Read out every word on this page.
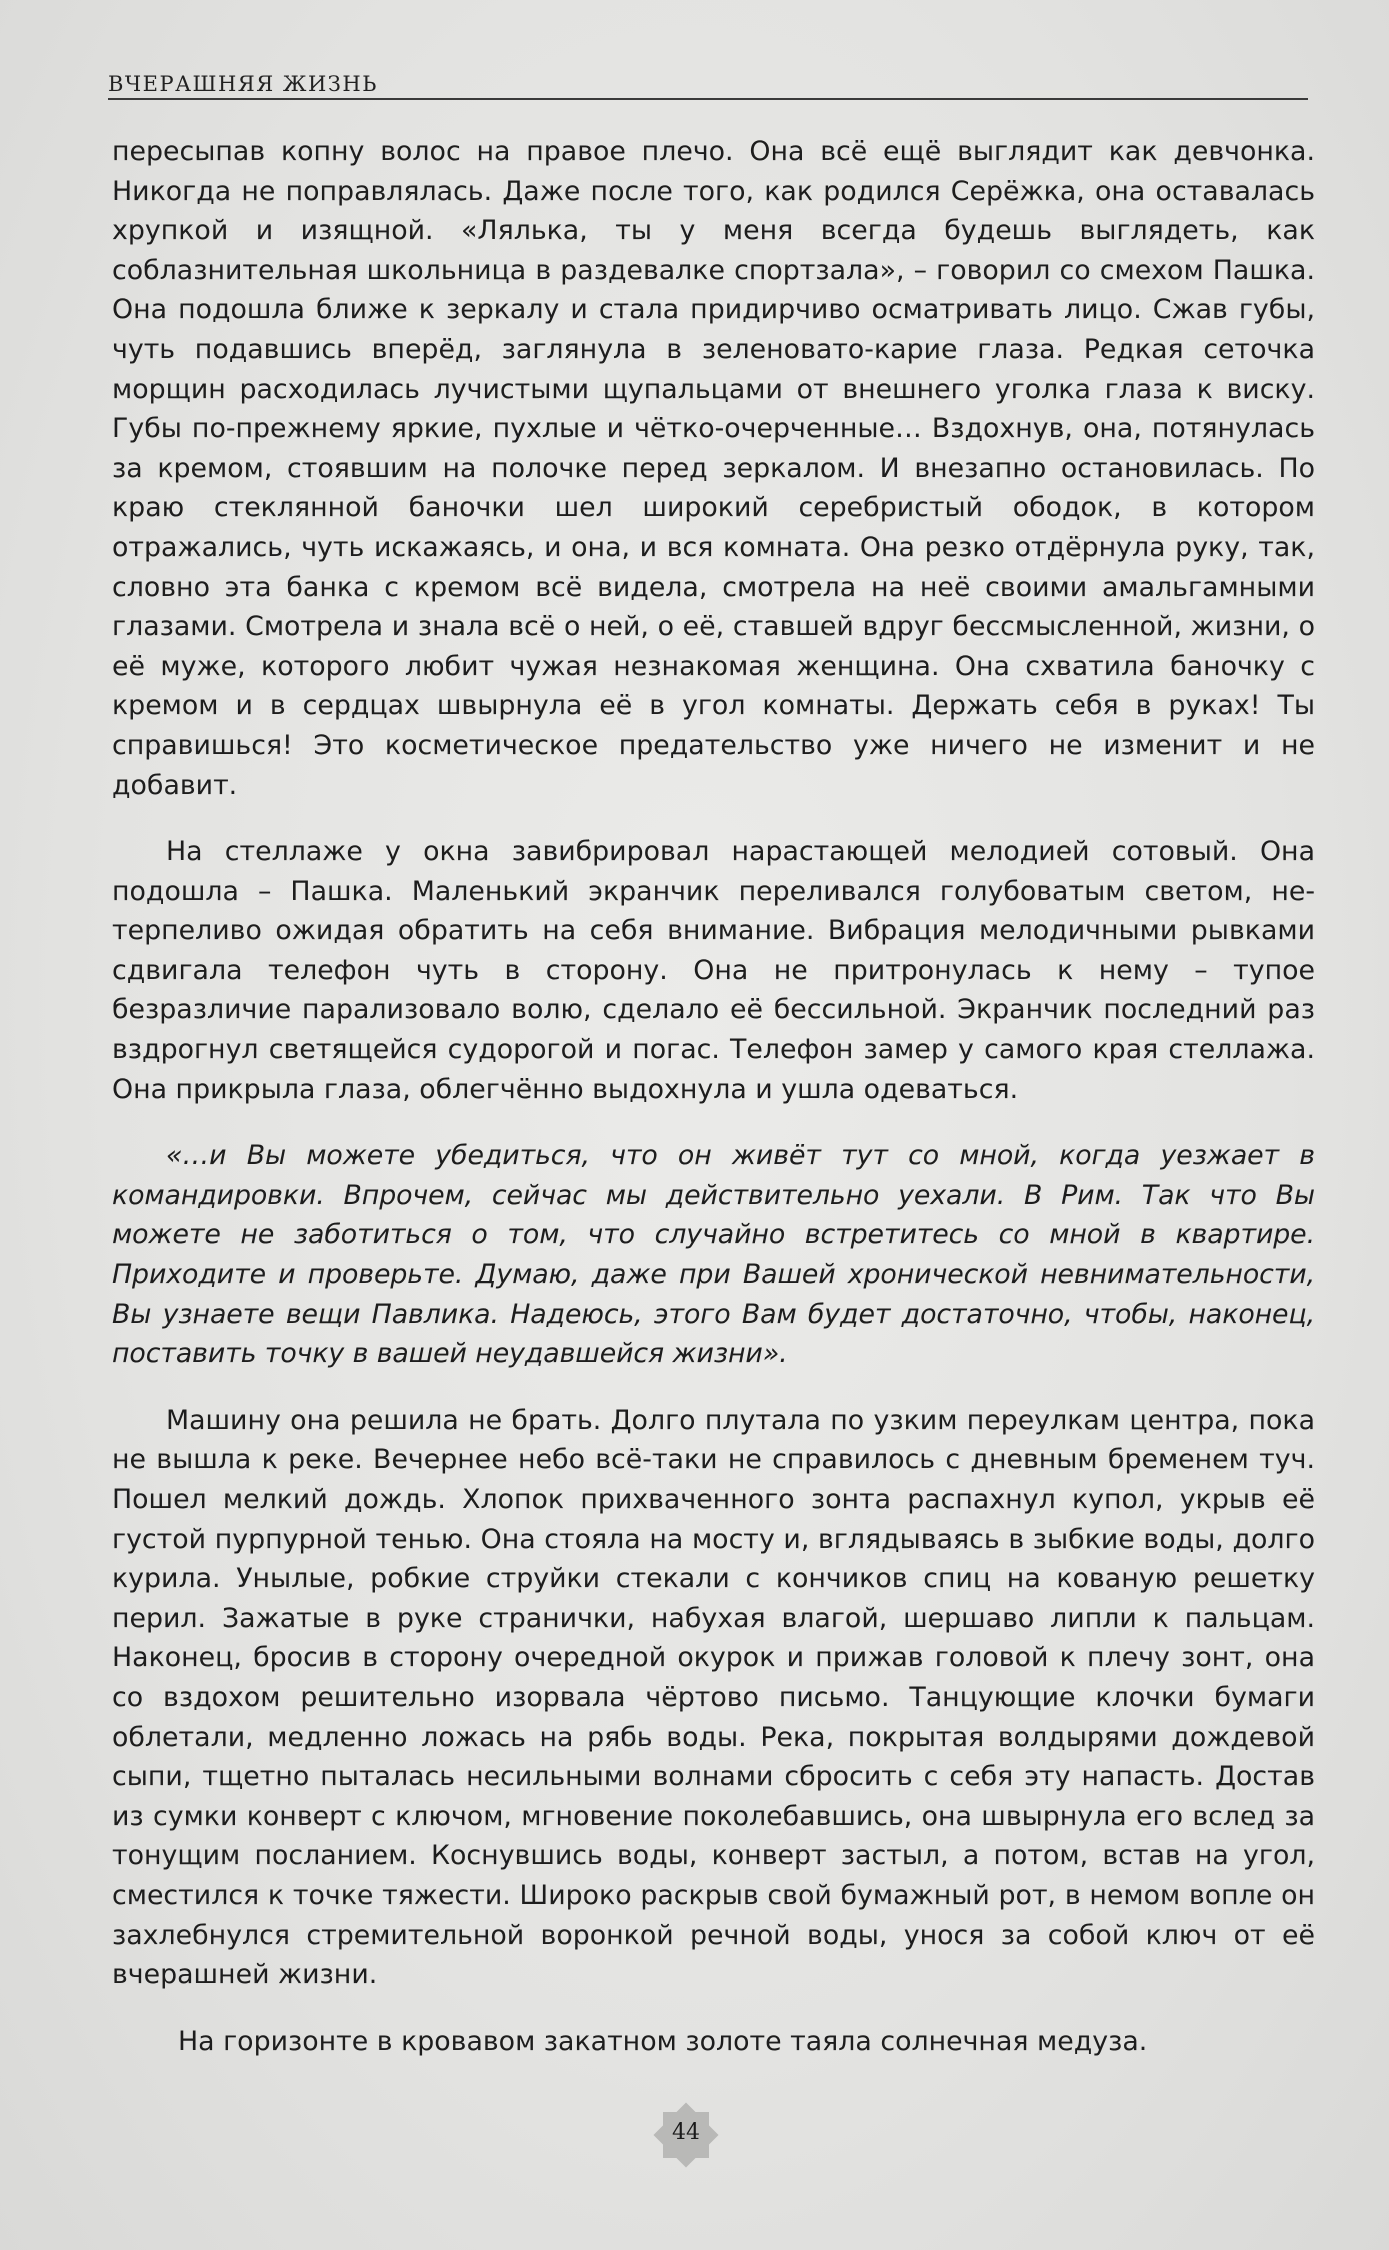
ВЧЕРАШНЯЯ ЖИЗНЬ

пересыпав копну волос на правое плечо. Она всё ещё выглядит как девчонка. Никогда не поправлялась. Даже после того, как родился Серёжка, она оставалась хрупкой и изящной. «Лялька, ты у меня всегда будешь выглядеть, как соблазнительная школьница в раздевалке спортзала», – говорил со смехом Пашка. Она подошла ближе к зеркалу и стала придирчиво осматривать лицо. Сжав губы, чуть подавшись вперёд, заглянула в зеленовато-карие глаза. Редкая сеточка морщин расходилась лучистыми щупальцами от внешнего уголка глаза к виску. Губы по-прежнему яркие, пухлые и чётко-очерченные… Вздохнув, она, потянулась за кремом, стоявшим на полочке перед зеркалом. И внезапно остановилась. По краю стеклянной баночки шел широкий серебристый ободок, в котором отражались, чуть искажаясь, и она, и вся комната. Она резко отдёрнула руку, так, словно эта банка с кремом всё видела, смотрела на неё своими амальгамными глазами. Смотрела и знала всё о ней, о её, ставшей вдруг бессмысленной, жизни, о её муже, которого любит чужая незнакомая женщина. Она схватила баночку с кремом и в сердцах швырнула её в угол комнаты. Держать себя в руках! Ты справишься! Это косметическое предательство уже ничего не изменит и не добавит.

На стеллаже у окна завибрировал нарастающей мелодией сотовый. Она подошла – Пашка. Маленький экранчик переливался голубоватым светом, нетерпеливо ожидая обратить на себя внимание. Вибрация мелодичными рывками сдвигала телефон чуть в сторону. Она не притронулась к нему – тупое безразличие парализовало волю, сделало её бессильной. Экранчик последний раз вздрогнул светящейся судорогой и погас. Телефон замер у самого края стеллажа. Она прикрыла глаза, облегчённо выдохнула и ушла одеваться.

«…и Вы можете убедиться, что он живёт тут со мной, когда уезжает в командировки. Впрочем, сейчас мы действительно уехали. В Рим. Так что Вы можете не заботиться о том, что случайно встретитесь со мной в квартире. Приходите и проверьте. Думаю, даже при Вашей хронической невнимательности, Вы узнаете вещи Павлика. Надеюсь, этого Вам будет достаточно, чтобы, наконец, поставить точку в вашей неудавшейся жизни».

Машину она решила не брать. Долго плутала по узким переулкам центра, пока не вышла к реке. Вечернее небо всё-таки не справилось с дневным бременем туч. Пошел мелкий дождь. Хлопок прихваченного зонта распахнул купол, укрыв её густой пурпурной тенью. Она стояла на мосту и, вглядываясь в зыбкие воды, долго курила. Унылые, робкие струйки стекали с кончиков спиц на кованую решетку перил. Зажатые в руке странички, набухая влагой, шершаво липли к пальцам. Наконец, бросив в сторону очередной окурок и прижав головой к плечу зонт, она со вздохом решительно изорвала чёртово письмо. Танцующие клочки бумаги облетали, медленно ложась на рябь воды. Река, покрытая волдырями дождевой сыпи, тщетно пыталась несильными волнами сбросить с себя эту напасть. Достав из сумки конверт с ключом, мгновение поколебавшись, она швырнула его вслед за тонущим посланием. Коснувшись воды, конверт застыл, а потом, встав на угол, сместился к точке тяжести. Широко раскрыв свой бумажный рот, в немом вопле он захлебнулся стремительной воронкой речной воды, унося за собой ключ от её вчерашней жизни.

На горизонте в кровавом закатном золоте таяла солнечная медуза.

44
